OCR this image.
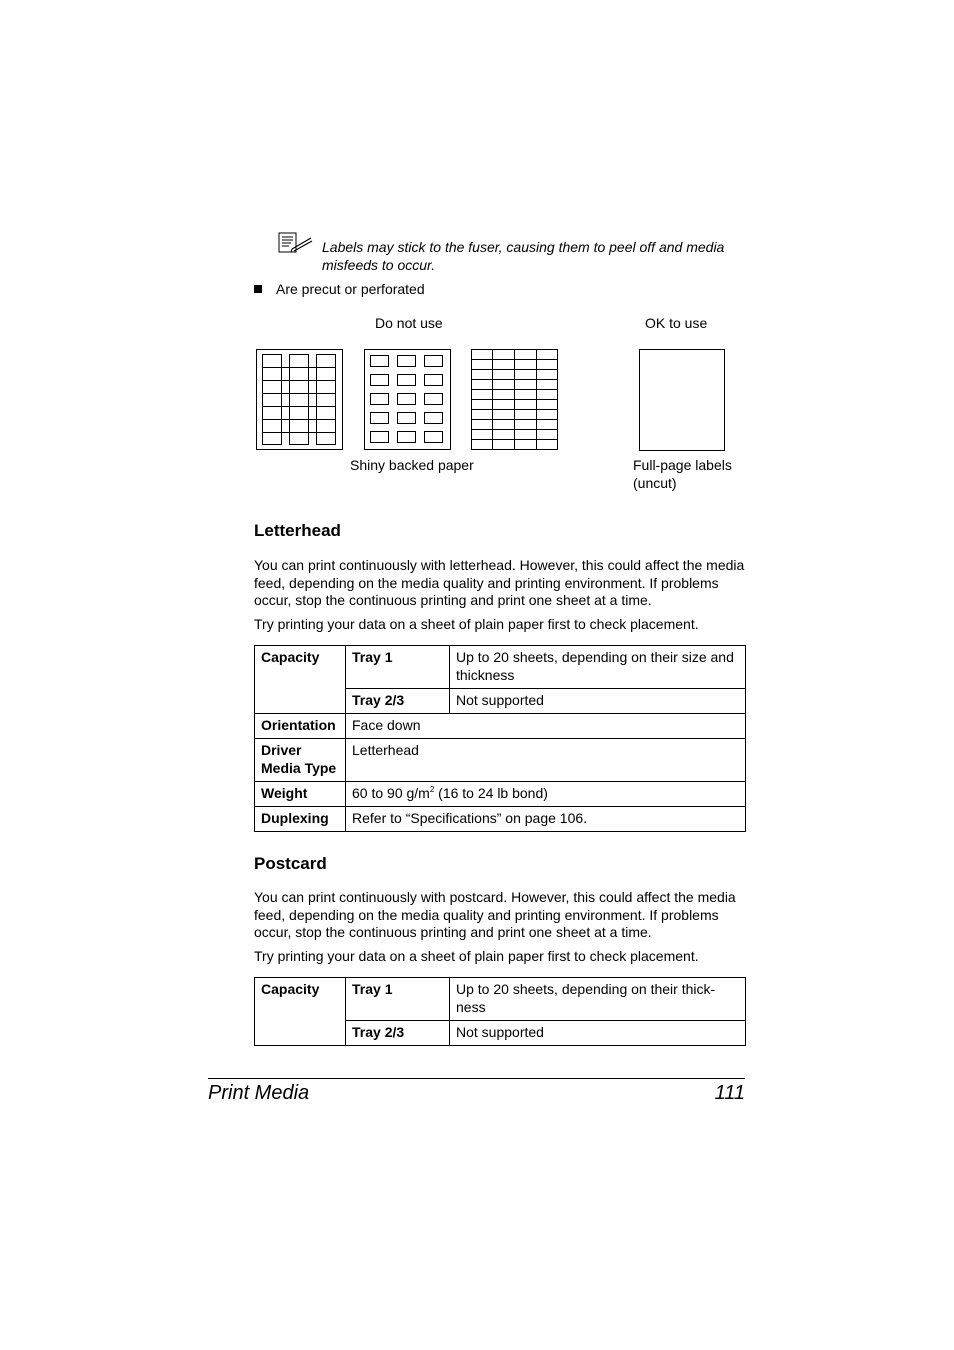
Labels may stick to the fuser, causing them to peel off and media misfeeds to occur.
Are precut or perforated
Do not use	OK to use
Shiny backed paper	Full-page labels
(uncut)
Letterhead
You can print continuously with letterhead. However, this could affect the media feed, depending on the media quality and printing environment. If problems occur, stop the continuous printing and print one sheet at a time.
Try printing your data on a sheet of plain paper first to check placement.
Capacity	Tray 1	Up to 20 sheets, depending on their size and thickness
	Tray 2/3	Not supported
Orientation	Face down	

Driver
Media Type	Letterhead	
Weight	60 to 90 $g/m^2$ (16 to 24 lb bond)	
Duplexing	Refer to “Specifications” on page 106.	
Postcard
You can print continuously with postcard. However, this could affect the media feed, depending on the media quality and printing environment. If problems occur, stop the continuous printing and print one sheet at a time.
Try printing your data on a sheet of plain paper first to check placement.
Capacity	Tray 1	Up to 20 sheets, depending on their thick-
ness

	Tray 2/3	Not supported
Print Media	111
